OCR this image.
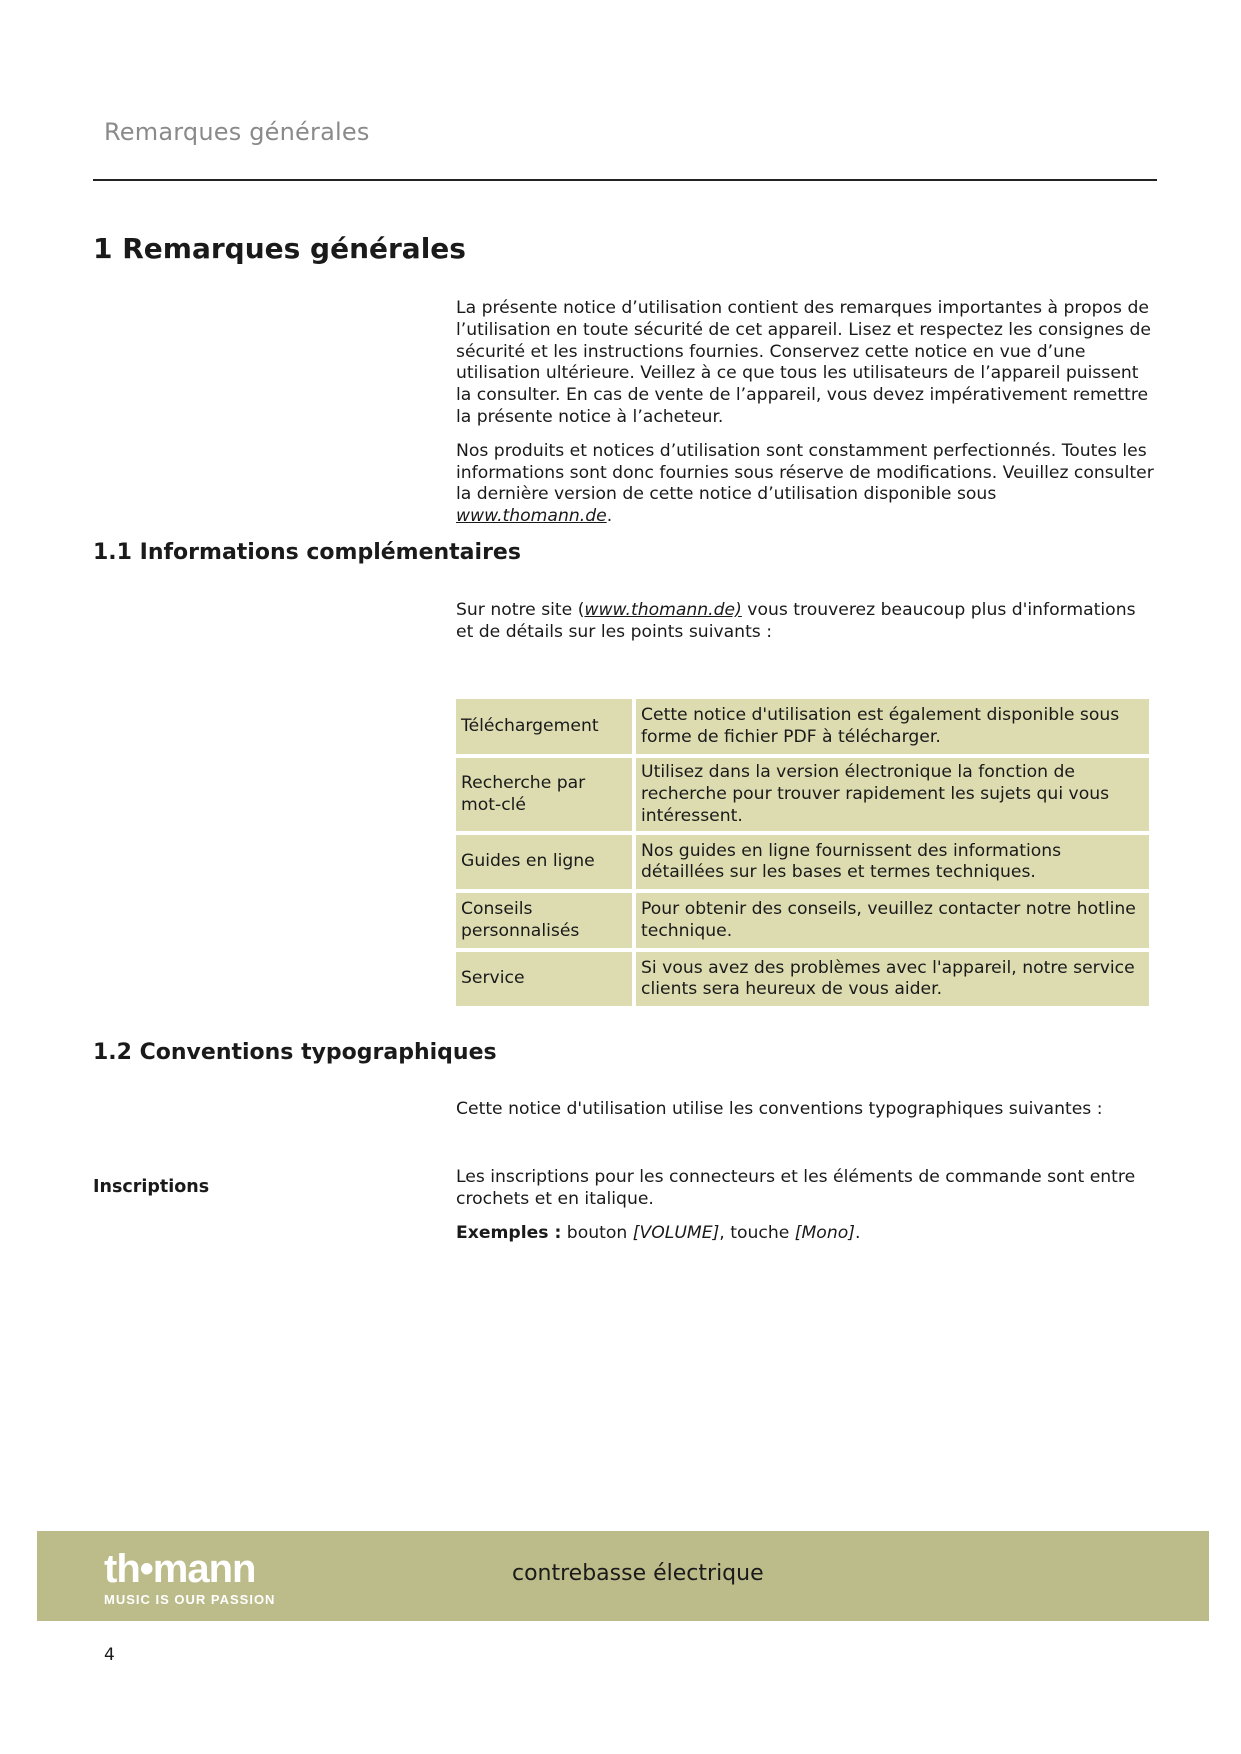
Remarques générales
1 Remarques générales

La présente notice d’utilisation contient des remarques importantes à propos de l’utilisation en toute sécurité de cet appareil. Lisez et respectez les consignes de sécurité et les instructions fournies. Conservez cette notice en vue d’une utilisation ultérieure. Veillez à ce que tous les utilisateurs de l’appareil puissent la consulter. En cas de vente de l’appareil, vous devez impérativement remettre la présente notice à l’acheteur.

Nos produits et notices d’utilisation sont constamment perfectionnés. Toutes les informations sont donc fournies sous réserve de modifications. Veuillez consulter la dernière version de cette notice d’utilisation disponible sous www.thomann.de.

1.1 Informations complémentaires

Sur notre site (www.thomann.de) vous trouverez beaucoup plus d'informations et de détails sur les points suivants :

Téléchargement	Cette notice d'utilisation est également disponible sous forme de fichier PDF à télécharger.
Recherche par mot-clé	Utilisez dans la version électronique la fonction de recherche pour trouver rapidement les sujets qui vous intéressent.
Guides en ligne	Nos guides en ligne fournissent des informations détaillées sur les bases et termes techniques.
Conseils personnalisés	Pour obtenir des conseils, veuillez contacter notre hotline technique.
Service	Si vous avez des problèmes avec l'appareil, notre service clients sera heureux de vous aider.
1.2 Conventions typographiques

Cette notice d'utilisation utilise les conventions typographiques suivantes :

Inscriptions	Les inscriptions pour les connecteurs et les éléments de commande sont entre crochets et en italique.

Exemples : bouton [VOLUME], touche [Mono].

th•mann
MUSIC IS OUR PASSION
contrebasse électrique
4
